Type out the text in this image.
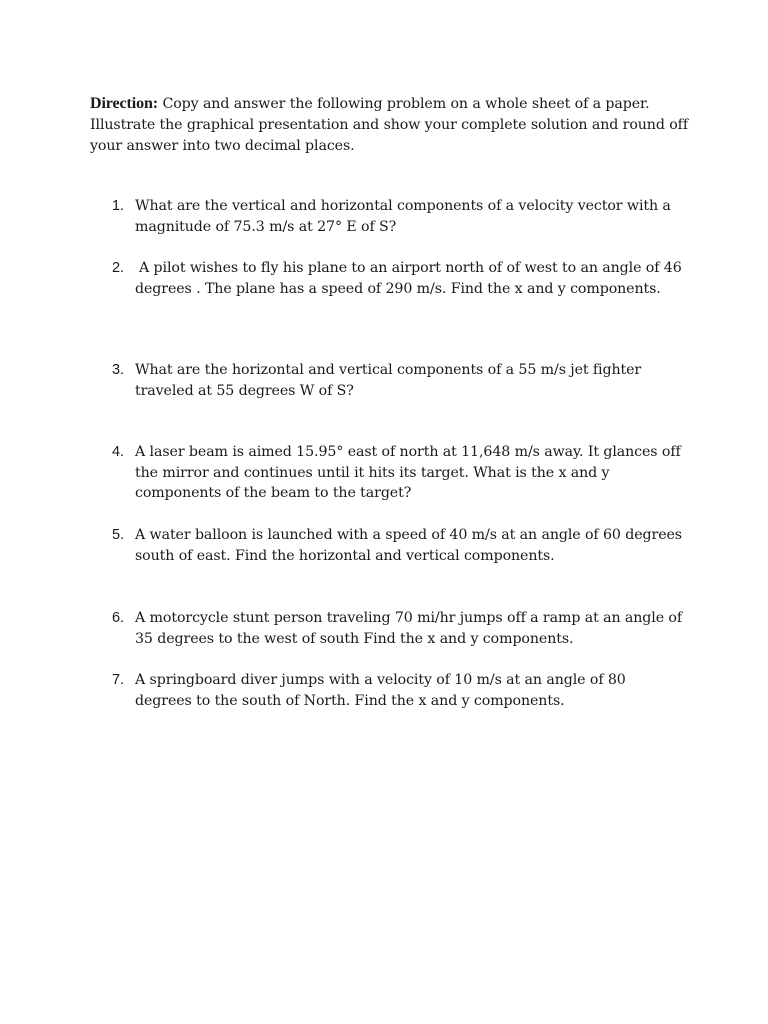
Direction: Copy and answer the following problem on a whole sheet of a paper. Illustrate the graphical presentation and show your complete solution and round off your answer into two decimal places.
1. What are the vertical and horizontal components of a velocity vector with a magnitude of 75.3 m/s at 27° E of S?
2.	A pilot wishes to fly his plane to an airport north of of west to an angle of 46 degrees . The plane has a speed of 290 m/s. Find the x and y components.
3. What are the horizontal and vertical components of a 55 m/s jet fighter traveled at 55 degrees W of S?
4. A laser beam is aimed 15.95° east of north at 11,648 m/s away. It glances off the mirror and continues until it hits its target. What is the x and y components of the beam to the target?
5. A water balloon is launched with a speed of 40 m/s at an angle of 60 degrees south of east. Find the horizontal and vertical components.
6. A motorcycle stunt person traveling 70 mi/hr jumps off a ramp at an angle of 35 degrees to the west of south Find the x and y components.
7. A springboard diver jumps with a velocity of 10 m/s at an angle of 80 degrees to the south of North. Find the x and y components.
